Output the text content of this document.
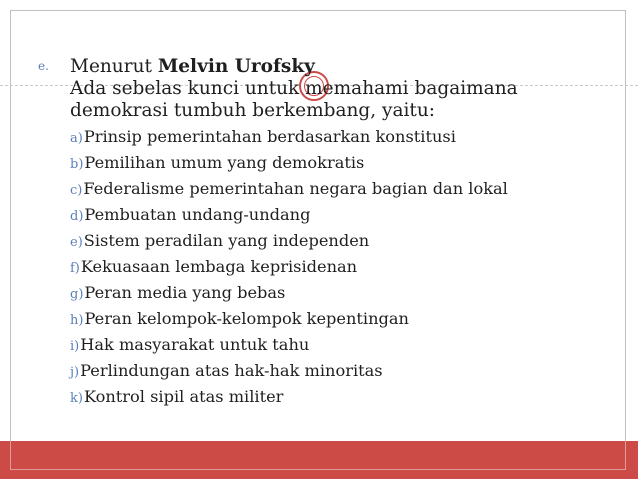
e. Menurut Melvin Urofsky
Ada sebelas kunci untuk memahami bagaimana demokrasi tumbuh berkembang, yaitu:
a)Prinsip pemerintahan berdasarkan konstitusi
b)Pemilihan umum yang demokratis
c)Federalisme pemerintahan negara bagian dan lokal
d)Pembuatan undang-undang
e)Sistem peradilan yang independen
f)Kekuasaan lembaga keprisidenan
g)Peran media yang bebas
h)Peran kelompok-kelompok kepentingan
i)Hak masyarakat untuk tahu
j)Perlindungan atas hak-hak minoritas
k)Kontrol sipil atas militer
